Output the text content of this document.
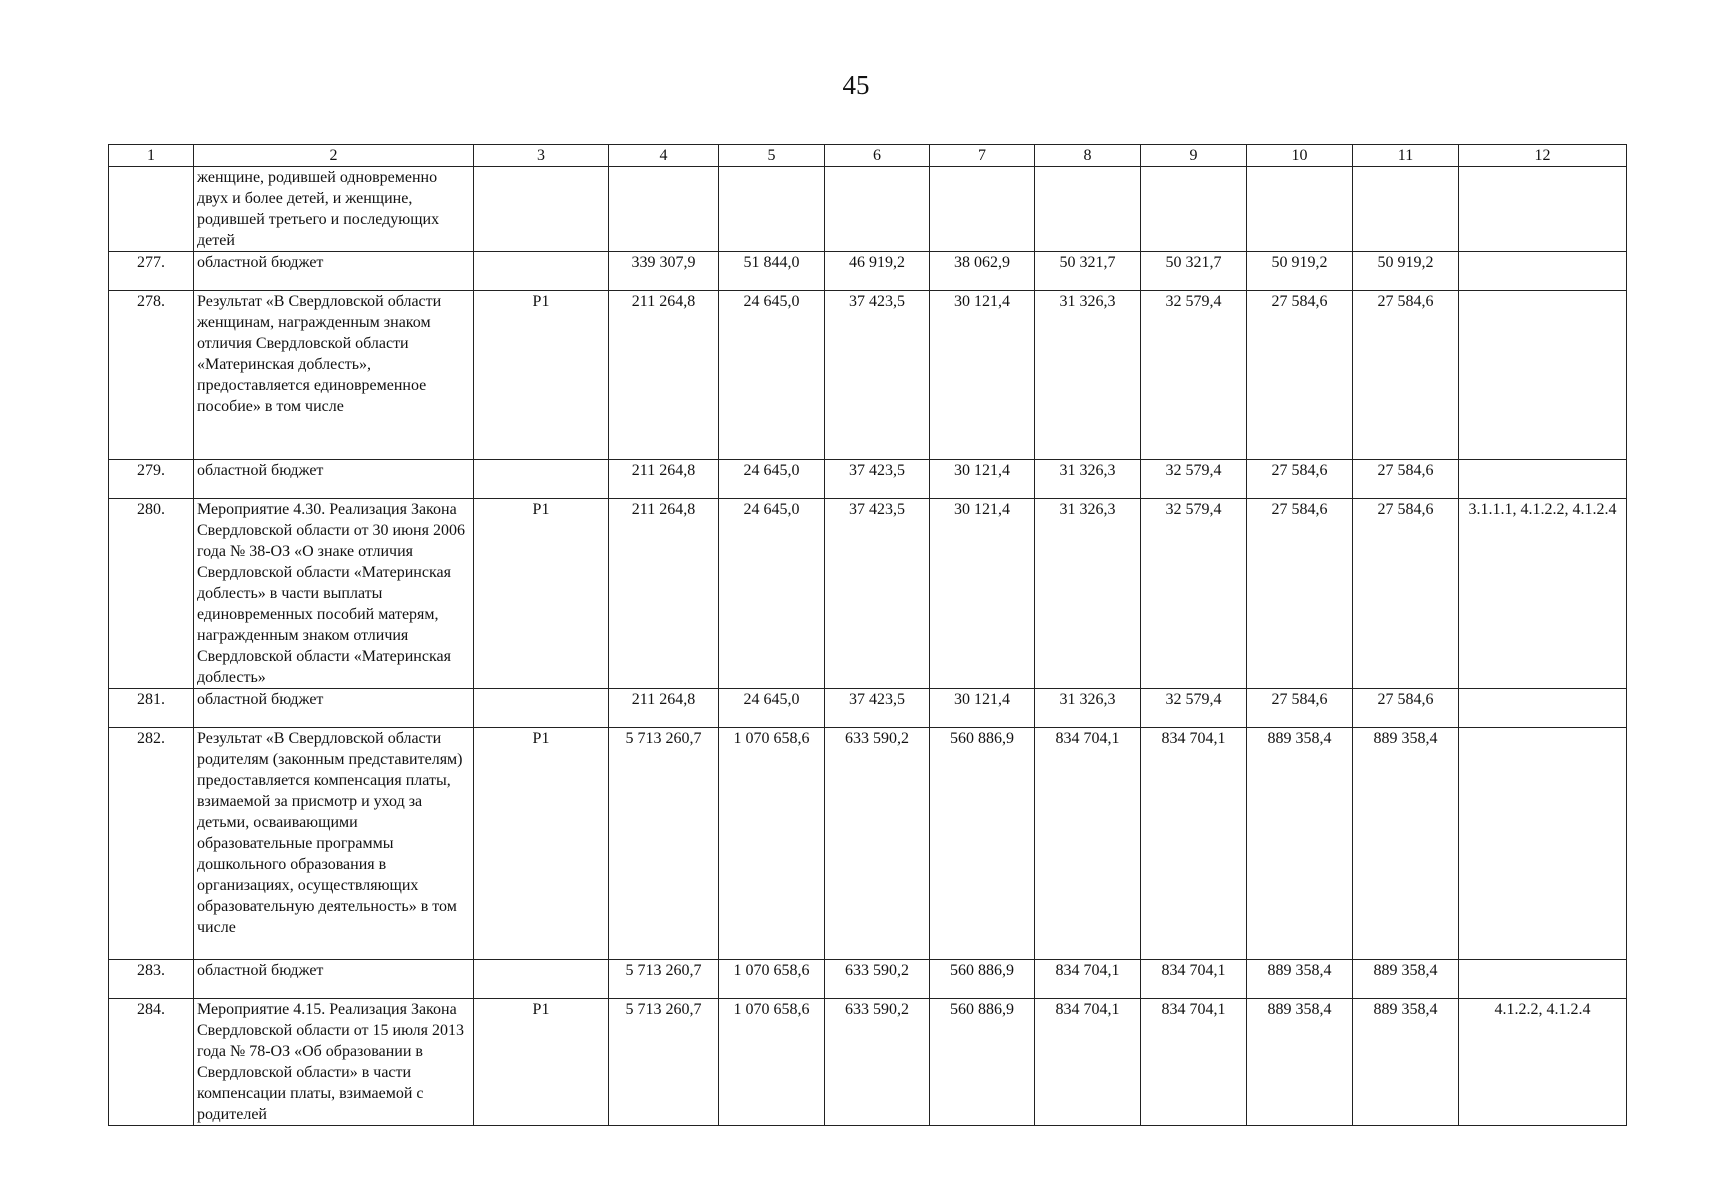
45
1	2	3	4	5	6	7	8	9	10	11	12
	женщине, родившей одновременно двух и более детей, и женщине, родившей третьего и последующих детей										
277.	областной бюджет		339 307,9	51 844,0	46 919,2	38 062,9	50 321,7	50 321,7	50 919,2	50 919,2	
278.	Результат «В Свердловской области женщинам, награжденным знаком отличия Свердловской области «Материнская доблесть», предоставляется единовременное пособие» в том числе	Р1	211 264,8	24 645,0	37 423,5	30 121,4	31 326,3	32 579,4	27 584,6	27 584,6	
279.	областной бюджет		211 264,8	24 645,0	37 423,5	30 121,4	31 326,3	32 579,4	27 584,6	27 584,6	
280.	Мероприятие 4.30. Реализация Закона Свердловской области от 30 июня 2006 года № 38-ОЗ «О знаке отличия Свердловской области «Материнская доблесть» в части выплаты единовременных пособий матерям, награжденным знаком отличия Свердловской области «Материнская доблесть»	Р1	211 264,8	24 645,0	37 423,5	30 121,4	31 326,3	32 579,4	27 584,6	27 584,6	3.1.1.1, 4.1.2.2, 4.1.2.4
281.	областной бюджет		211 264,8	24 645,0	37 423,5	30 121,4	31 326,3	32 579,4	27 584,6	27 584,6	
282.	Результат «В Свердловской области родителям (законным представителям) предоставляется компенсация платы, взимаемой за присмотр и уход за детьми, осваивающими образовательные программы дошкольного образования в организациях, осуществляющих образовательную деятельность» в том числе	Р1	5 713 260,7	1 070 658,6	633 590,2	560 886,9	834 704,1	834 704,1	889 358,4	889 358,4	
283.	областной бюджет		5 713 260,7	1 070 658,6	633 590,2	560 886,9	834 704,1	834 704,1	889 358,4	889 358,4	
284.	Мероприятие 4.15. Реализация Закона Свердловской области от 15 июля 2013 года № 78-ОЗ «Об образовании в Свердловской области» в части компенсации платы, взимаемой с родителей	Р1	5 713 260,7	1 070 658,6	633 590,2	560 886,9	834 704,1	834 704,1	889 358,4	889 358,4	4.1.2.2, 4.1.2.4
